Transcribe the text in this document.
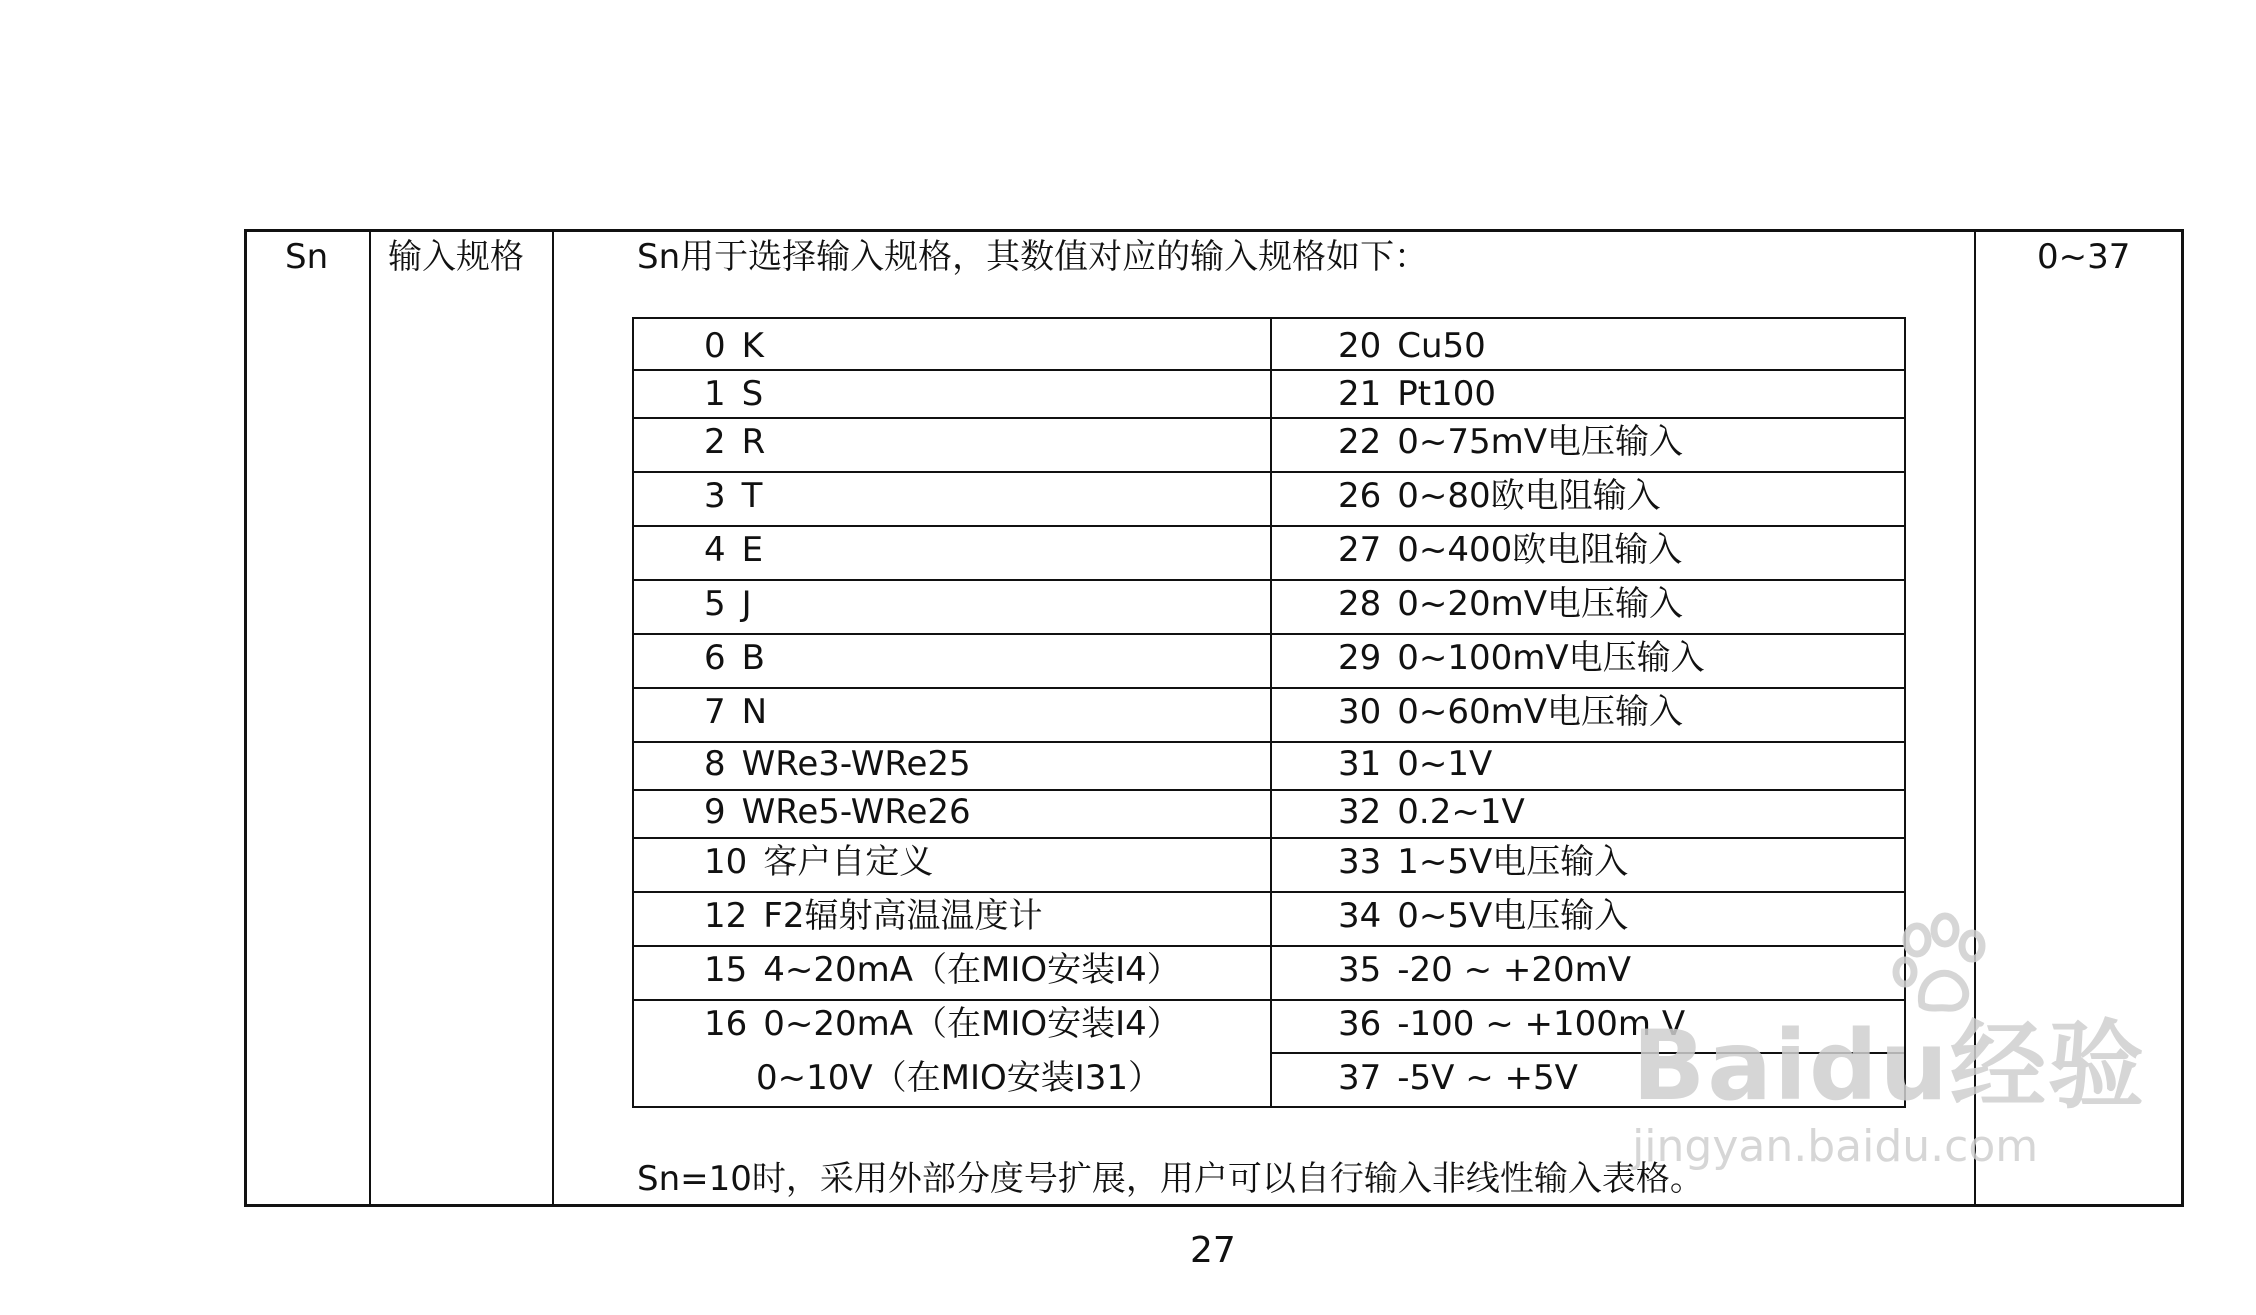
Sn 输入规格	Sn用于选择输入规格，其数值对应的输入规格如下：	0~37
Sn=10时，采用外部分度号扩展，用户可以自行输入非线性输入表格。
0 K
1 S
2 R
3 T
4 E
5 J
6 B
7 N
8 WRe3-WRe25
9 WRe5-WRe26
10 客户自定义
12 F2辐射高温温度计
15 4~20mA（在MIO安装I4）
16 0~20mA（在MIO安装I4）
0~10V（在MIO安装I31）
20 Cu50
21 Pt100
22 0~75mV电压输入
26 0~80欧电阻输入
27 0~400欧电阻输入
28 0~20mV电压输入
29 0~100mV电压输入
30 0~60mV电压输入
31 0~1V
32 0.2~1V
33 1~5V电压输入
34 0~5V电压输入
35 -20 ~ +20mV
36 -100 ~ +100m V
37 -5V ~ +5V
27
Baidu经验
jingyan.baidu.com
